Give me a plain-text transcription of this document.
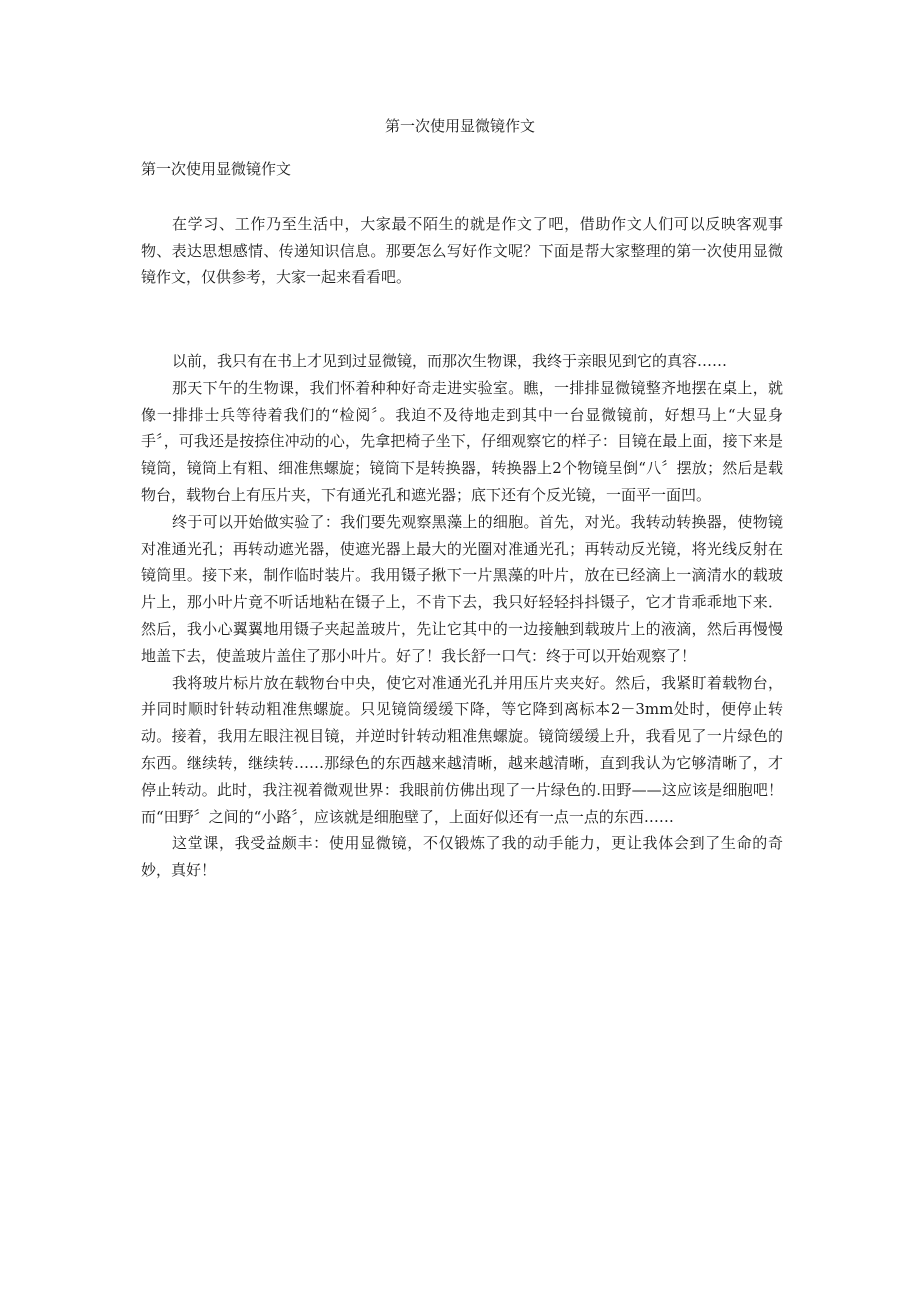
第一次使用显微镜作文
第一次使用显微镜作文

在学习、工作乃至生活中，大家最不陌生的就是作文了吧，借助作文人们可以反映客观事物、表达思想感情、传递知识信息。那要怎么写好作文呢？下面是帮大家整理的第一次使用显微镜作文，仅供参考，大家一起来看看吧。

以前，我只有在书上才见到过显微镜，而那次生物课，我终于亲眼见到它的真容……

那天下午的生物课，我们怀着种种好奇走进实验室。瞧，一排排显微镜整齐地摆在桌上，就像一排排士兵等待着我们的“检阅〞。我迫不及待地走到其中一台显微镜前，好想马上“大显身手〞，可我还是按捺住冲动的心，先拿把椅子坐下，仔细观察它的样子：目镜在最上面，接下来是镜筒，镜筒上有粗、细准焦螺旋；镜筒下是转换器，转换器上2个物镜呈倒“八〞摆放；然后是载物台，载物台上有压片夹，下有通光孔和遮光器；底下还有个反光镜，一面平一面凹。

终于可以开始做实验了：我们要先观察黑藻上的细胞。首先，对光。我转动转换器，使物镜对准通光孔；再转动遮光器，使遮光器上最大的光圈对准通光孔；再转动反光镜，将光线反射在镜筒里。接下来，制作临时装片。我用镊子揪下一片黑藻的叶片，放在已经滴上一滴清水的载玻片上，那小叶片竟不听话地粘在镊子上，不肯下去，我只好轻轻抖抖镊子，它才肯乖乖地下来．然后，我小心翼翼地用镊子夹起盖玻片，先让它其中的一边接触到载玻片上的液滴，然后再慢慢地盖下去，使盖玻片盖住了那小叶片。好了！我长舒一口气：终于可以开始观察了！

我将玻片标片放在载物台中央，使它对准通光孔并用压片夹夹好。然后，我紧盯着载物台，并同时顺时针转动粗准焦螺旋。只见镜筒缓缓下降，等它降到离标本2－3mm处时，便停止转动。接着，我用左眼注视目镜，并逆时针转动粗准焦螺旋。镜筒缓缓上升，我看见了一片绿色的东西。继续转，继续转……那绿色的东西越来越清晰，越来越清晰，直到我认为它够清晰了，才停止转动。此时，我注视着微观世界：我眼前仿佛出现了一片绿色的.田野——这应该是细胞吧！而“田野〞之间的“小路〞，应该就是细胞壁了，上面好似还有一点一点的东西……

这堂课，我受益颇丰：使用显微镜，不仅锻炼了我的动手能力，更让我体会到了生命的奇妙，真好！
